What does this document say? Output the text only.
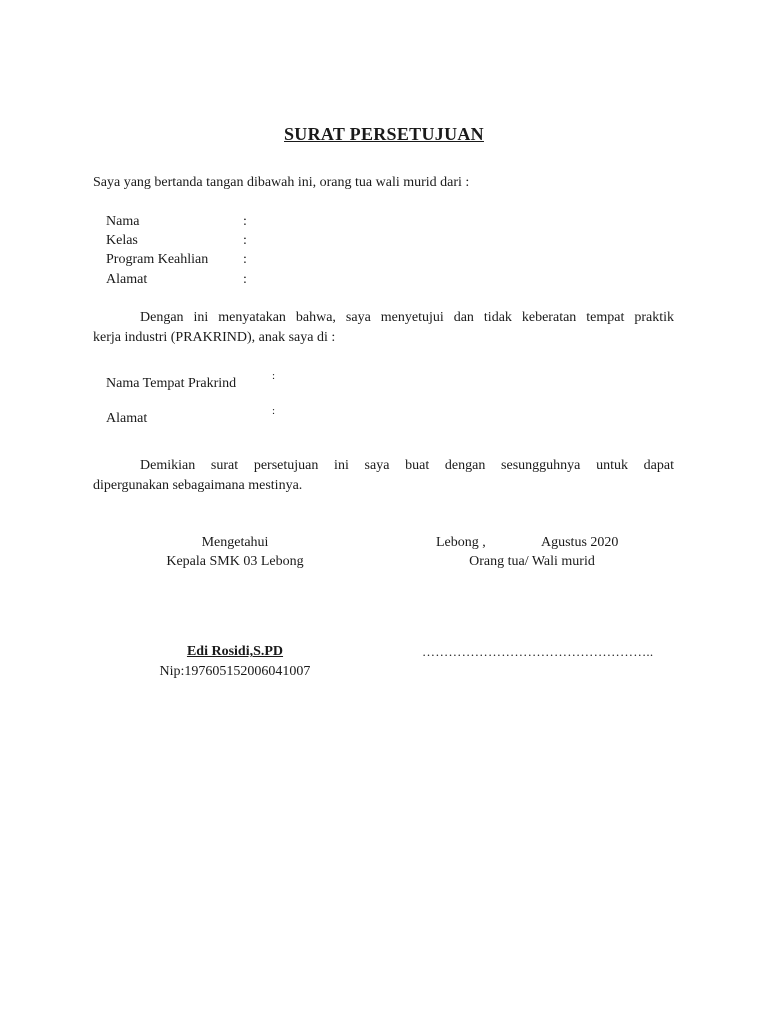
SURAT PERSETUJUAN
Saya yang bertanda tangan dibawah ini, orang tua wali murid dari :
Nama	:
Kelas	:
Program Keahlian :
Alamat	:
Dengan ini menyatakan bahwa, saya menyetujui dan tidak keberatan tempat praktik
kerja industri (PRAKRIND), anak saya di :
Nama Tempat Prakrind	:
Alamat	:
Demikian surat persetujuan ini saya buat dengan sesungguhnya untuk dapat
dipergunakan sebagaimana mestinya.
Mengetahui
Kepala SMK 03 Lebong
Edi Rosidi,S.PD
Nip:197605152006041007
Lebong ,	Agustus 2020
Orang tua/ Wali murid
……………………………………………..
